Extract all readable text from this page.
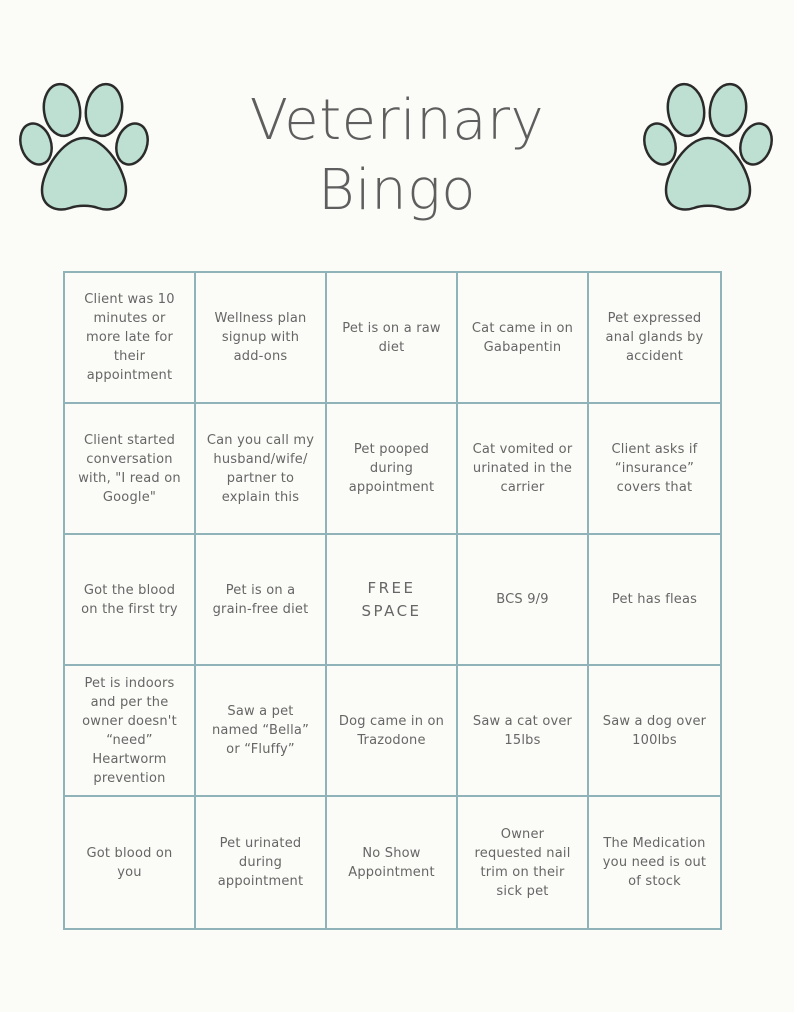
Veterinary
Bingo
Client was 10 minutes or more late for their appointment
Wellness plan signup with add-ons
Pet is on a raw diet
Cat came in on Gabapentin
Pet expressed anal glands by accident
Client started conversation with, "I read on Google"
Can you call my husband/wife/ partner to explain this
Pet pooped during appointment
Cat vomited or urinated in the carrier
Client asks if “insurance” covers that
Got the blood on the first try
Pet is on a grain-free diet
FREE SPACE
BCS 9/9	Pet has fleas
Pet is indoors and per the owner doesn't “need” Heartworm prevention
Saw a pet named “Bella” or “Fluffy”
Dog came in on Trazodone
Saw a cat over 15lbs
Saw a dog over 100lbs
Got blood on you
Pet urinated during appointment
No Show Appointment
Owner requested nail trim on their sick pet
The Medication you need is out of stock
